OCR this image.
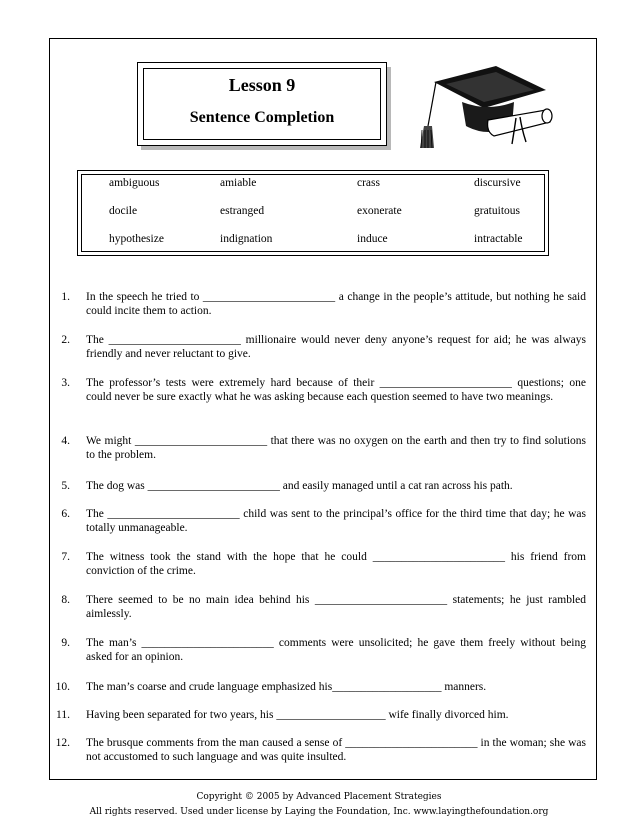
Lesson 9
Sentence Completion
ambiguous	amiable	crass	discursive
docile	estranged	exonerate	gratuitous
hypothesize	indignation	induce	intractable
1. In the speech he tried to _______________________ a change in the people’s attitude, but nothing he said could incite them to action.
2. The _______________________ millionaire would never deny anyone’s request for aid; he was always friendly and never reluctant to give.
3. The professor’s tests were extremely hard because of their _______________________ questions; one could never be sure exactly what he was asking because each question seemed to have two meanings.
4. We might _______________________ that there was no oxygen on the earth and then try to find solutions to the problem.
5. The dog was _______________________ and easily managed until a cat ran across his path.
6. The _______________________ child was sent to the principal’s office for the third time that day; he was totally unmanageable.
7. The witness took the stand with the hope that he could _______________________ his friend from conviction of the crime.
8. There seemed to be no main idea behind his _______________________ statements; he just rambled aimlessly.
9. The man’s _______________________ comments were unsolicited; he gave them freely without being asked for an opinion.
10. The man’s coarse and crude language emphasized his___________________ manners.
11. Having been separated for two years, his ___________________ wife finally divorced him.
12. The brusque comments from the man caused a sense of _______________________ in the woman; she was not accustomed to such language and was quite insulted.
Copyright © 2005 by Advanced Placement Strategies
All rights reserved. Used under license by Laying the Foundation, Inc. www.layingthefoundation.org
